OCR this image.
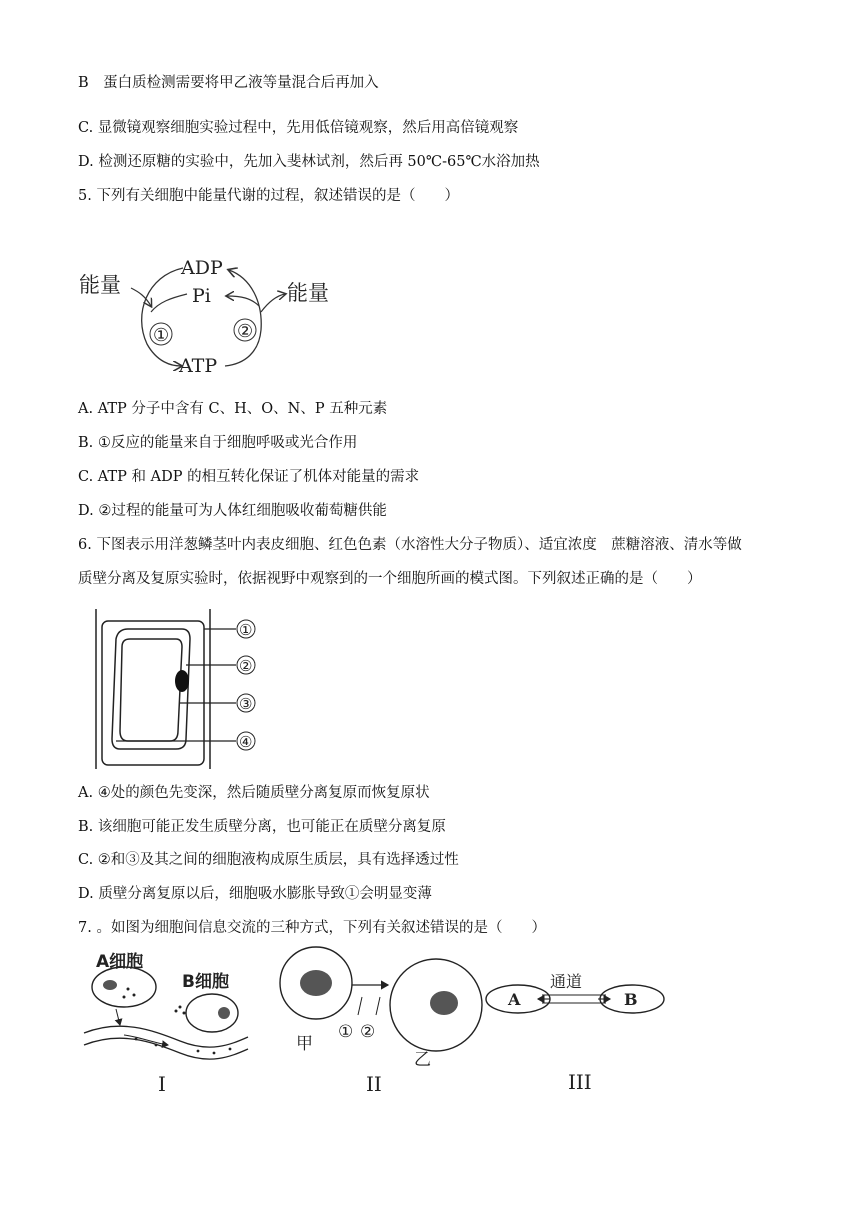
B　蛋白质检测需要将甲乙液等量混合后再加入
C. 显微镜观察细胞实验过程中，先用低倍镜观察，然后用高倍镜观察
D. 检测还原糖的实验中，先加入斐林试剂，然后再 50℃-65℃水浴加热
5. 下列有关细胞中能量代谢的过程，叙述错误的是（　　）
能量
ADP
Pi	能量
ATP
①	②
A. ATP 分子中含有 C、H、O、N、P 五种元素
B. ①反应的能量来自于细胞呼吸或光合作用
C. ATP 和 ADP 的相互转化保证了机体对能量的需求
D. ②过程的能量可为人体红细胞吸收葡萄糖供能
6. 下图表示用洋葱鳞茎叶内表皮细胞、红色色素（水溶性大分子物质）、适宜浓度　蔗糖溶液、清水等做
质壁分离及复原实验时，依据视野中观察到的一个细胞所画的模式图。下列叙述正确的是（　　）
①
②
③
④
A. ④处的颜色先变深，然后随质壁分离复原而恢复原状
B. 该细胞可能正发生质壁分离，也可能正在质壁分离复原
C. ②和③及其之间的细胞液构成原生质层，具有选择透过性
D. 质壁分离复原以后，细胞吸水膨胀导致①会明显变薄
7. 。如图为细胞间信息交流的三种方式，下列有关叙述错误的是（　　）
A细胞
B细胞
I
① ②
甲
乙
II
通道
A	B
III
